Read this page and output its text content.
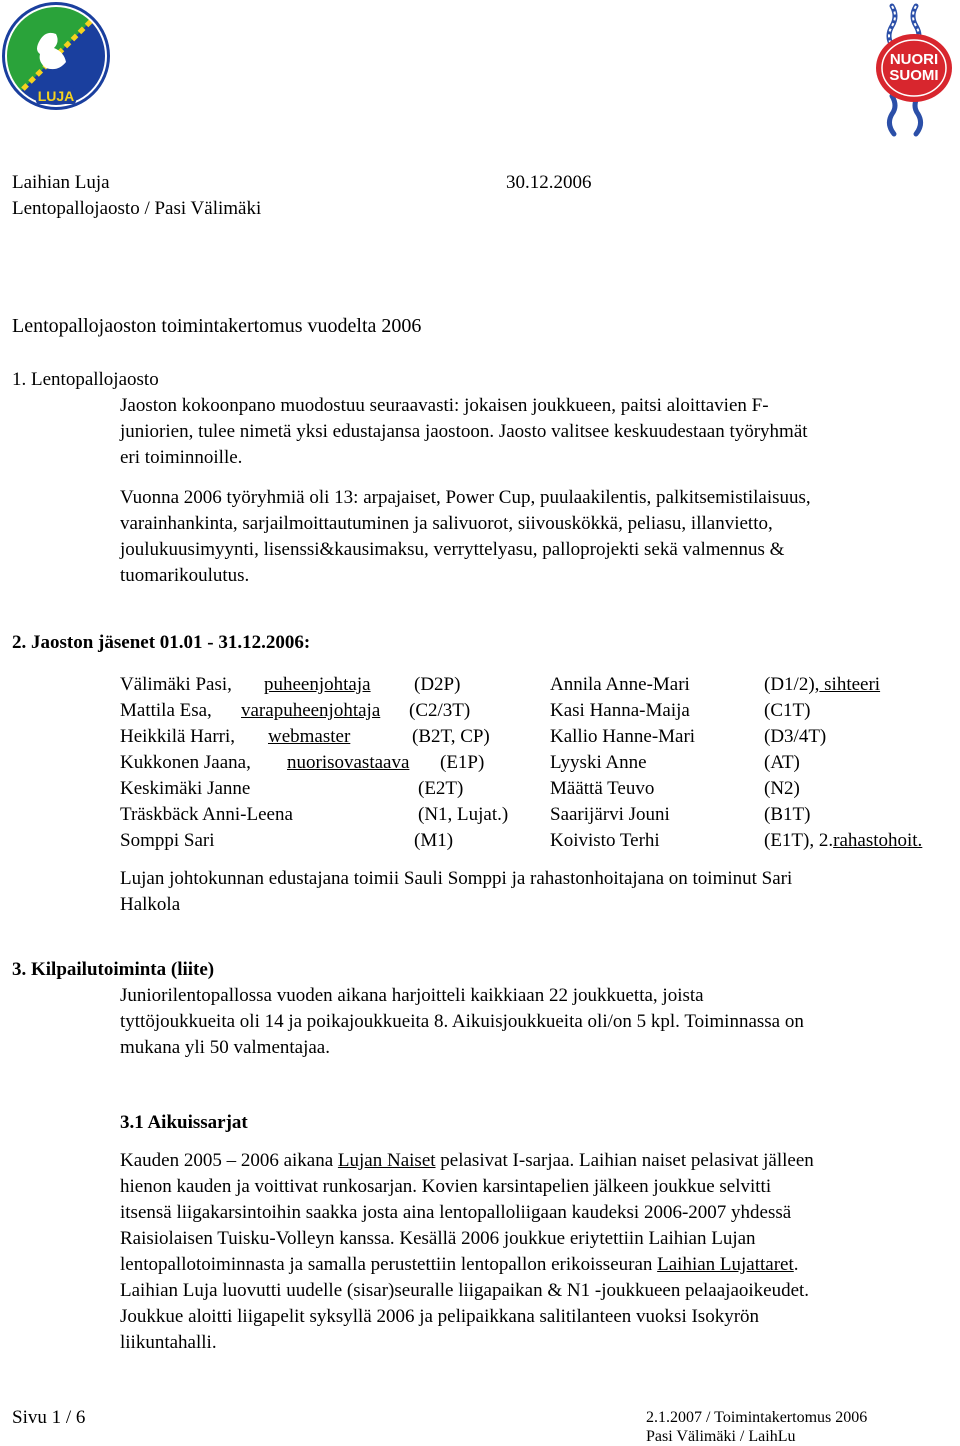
LUJA
NUORI
SUOMI
Laihian Luja	30.12.2006
Lentopallojaosto / Pasi Välimäki
Lentopallojaoston toimintakertomus vuodelta 2006
1. Lentopallojaosto
Jaoston kokoonpano muodostuu seuraavasti: jokaisen joukkueen, paitsi aloittavien F-
juniorien, tulee nimetä yksi edustajansa jaostoon. Jaosto valitsee keskuudestaan työryhmät
eri toiminnoille.
Vuonna 2006 työryhmiä oli 13: arpajaiset, Power Cup, puulaakilentis, palkitsemistilaisuus,
varainhankinta, sarjailmoittautuminen ja salivuorot, siivouskökkä, peliasu, illanvietto,
joulukuusimyynti, lisenssi&kausimaksu, verryttelyasu, palloprojekti sekä valmennus &
tuomarikoulutus.
2. Jaoston jäsenet 01.01 - 31.12.2006:
Välimäki Pasi, puheenjohtaja (D2P)	Annila Anne-Mari	(D1/2), sihteeri
Mattila Esa, varapuheenjohtaja (C2/3T)	Kasi Hanna-Maija	(C1T)
Heikkilä Harri, webmaster	(B2T, CP)	Kallio Hanne-Mari	(D3/4T)
Kukkonen Jaana, nuorisovastaava (E1P)	Lyyski Anne	(AT)
Keskimäki Janne	(E2T)	Määttä Teuvo	(N2)
Träskbäck Anni-Leena	(N1, Lujat.) Saarijärvi Jouni	(B1T)
Somppi Sari	(M1)	Koivisto Terhi	(E1T), 2.rahastohoit.
Lujan johtokunnan edustajana toimii Sauli Somppi ja rahastonhoitajana on toiminut Sari
Halkola
3. Kilpailutoiminta (liite)
Juniorilentopallossa vuoden aikana harjoitteli kaikkiaan 22 joukkuetta, joista
tyttöjoukkueita oli 14 ja poikajoukkueita 8. Aikuisjoukkueita oli/on 5 kpl. Toiminnassa on
mukana yli 50 valmentajaa.
3.1 Aikuissarjat
Kauden 2005 – 2006 aikana Lujan Naiset pelasivat I-sarjaa. Laihian naiset pelasivat jälleen
hienon kauden ja voittivat runkosarjan. Kovien karsintapelien jälkeen joukkue selvitti
itsensä liigakarsintoihin saakka josta aina lentopalloliigaan kaudeksi 2006-2007 yhdessä
Raisiolaisen Tuisku-Volleyn kanssa. Kesällä 2006 joukkue eriytettiin Laihian Lujan
lentopallotoiminnasta ja samalla perustettiin lentopallon erikoisseuran Laihian Lujattaret.
Laihian Luja luovutti uudelle (sisar)seuralle liigapaikan & N1 -joukkueen pelaajaoikeudet.
Joukkue aloitti liigapelit syksyllä 2006 ja pelipaikkana salitilanteen vuoksi Isokyrön
liikuntahalli.
Sivu 1 / 6	2.1.2007 / Toimintakertomus 2006
Pasi Välimäki / LaihLu
